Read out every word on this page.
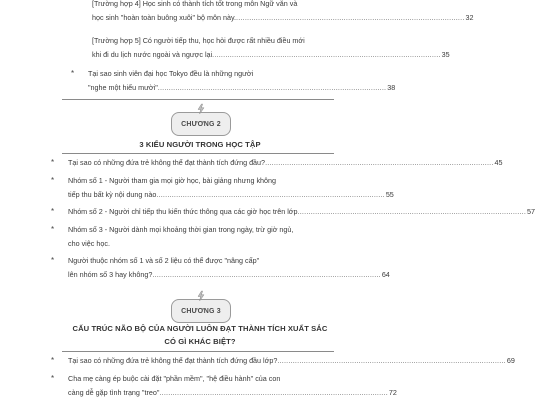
[Trường hợp 4] Học sinh có thành tích tốt trong môn Ngữ văn và
học sinh "hoàn toàn buông xuôi" bộ môn này. ........................................................................................................ 32
[Trường hợp 5] Có người tiếp thu, học hỏi được rất nhiều điều mới
khi đi du lịch nước ngoài và ngược lại ........................................................................................................ 35
* Tại sao sinh viên đại học Tokyo đều là những người
"nghe một hiểu mười" ........................................................................................................ 38
CHƯƠNG 2
3 KIỂU NGƯỜI TRONG HỌC TẬP
* Tại sao có những đứa trẻ không thể đạt thành tích đứng đầu? ........................................................................................................ 45
* Nhóm số 1 - Người tham gia mọi giờ học, bài giảng nhưng không
tiếp thu bất kỳ nội dung nào ........................................................................................................ 55
* Nhóm số 2 - Người chỉ tiếp thu kiến thức thông qua các giờ học trên lớp ........................................................................................................ 57
* Nhóm số 3 - Người dành mọi khoảng thời gian trong ngày, trừ giờ ngủ,
cho việc học.
* Người thuộc nhóm số 1 và số 2 liệu có thể được "nâng cấp"
lên nhóm số 3 hay không? ........................................................................................................ 64
CHƯƠNG 3
CẤU TRÚC NÃO BỘ CỦA NGƯỜI LUÔN ĐẠT THÀNH TÍCH XUẤT SẮC
CÓ GÌ KHÁC BIỆT?
* Tại sao có những đứa trẻ không thể đạt thành tích đứng đầu lớp? ........................................................................................................ 69
* Cha mẹ càng ép buộc cài đặt "phần mềm", "hệ điều hành" của con
càng dễ gặp tình trạng "treo" ........................................................................................................ 72
